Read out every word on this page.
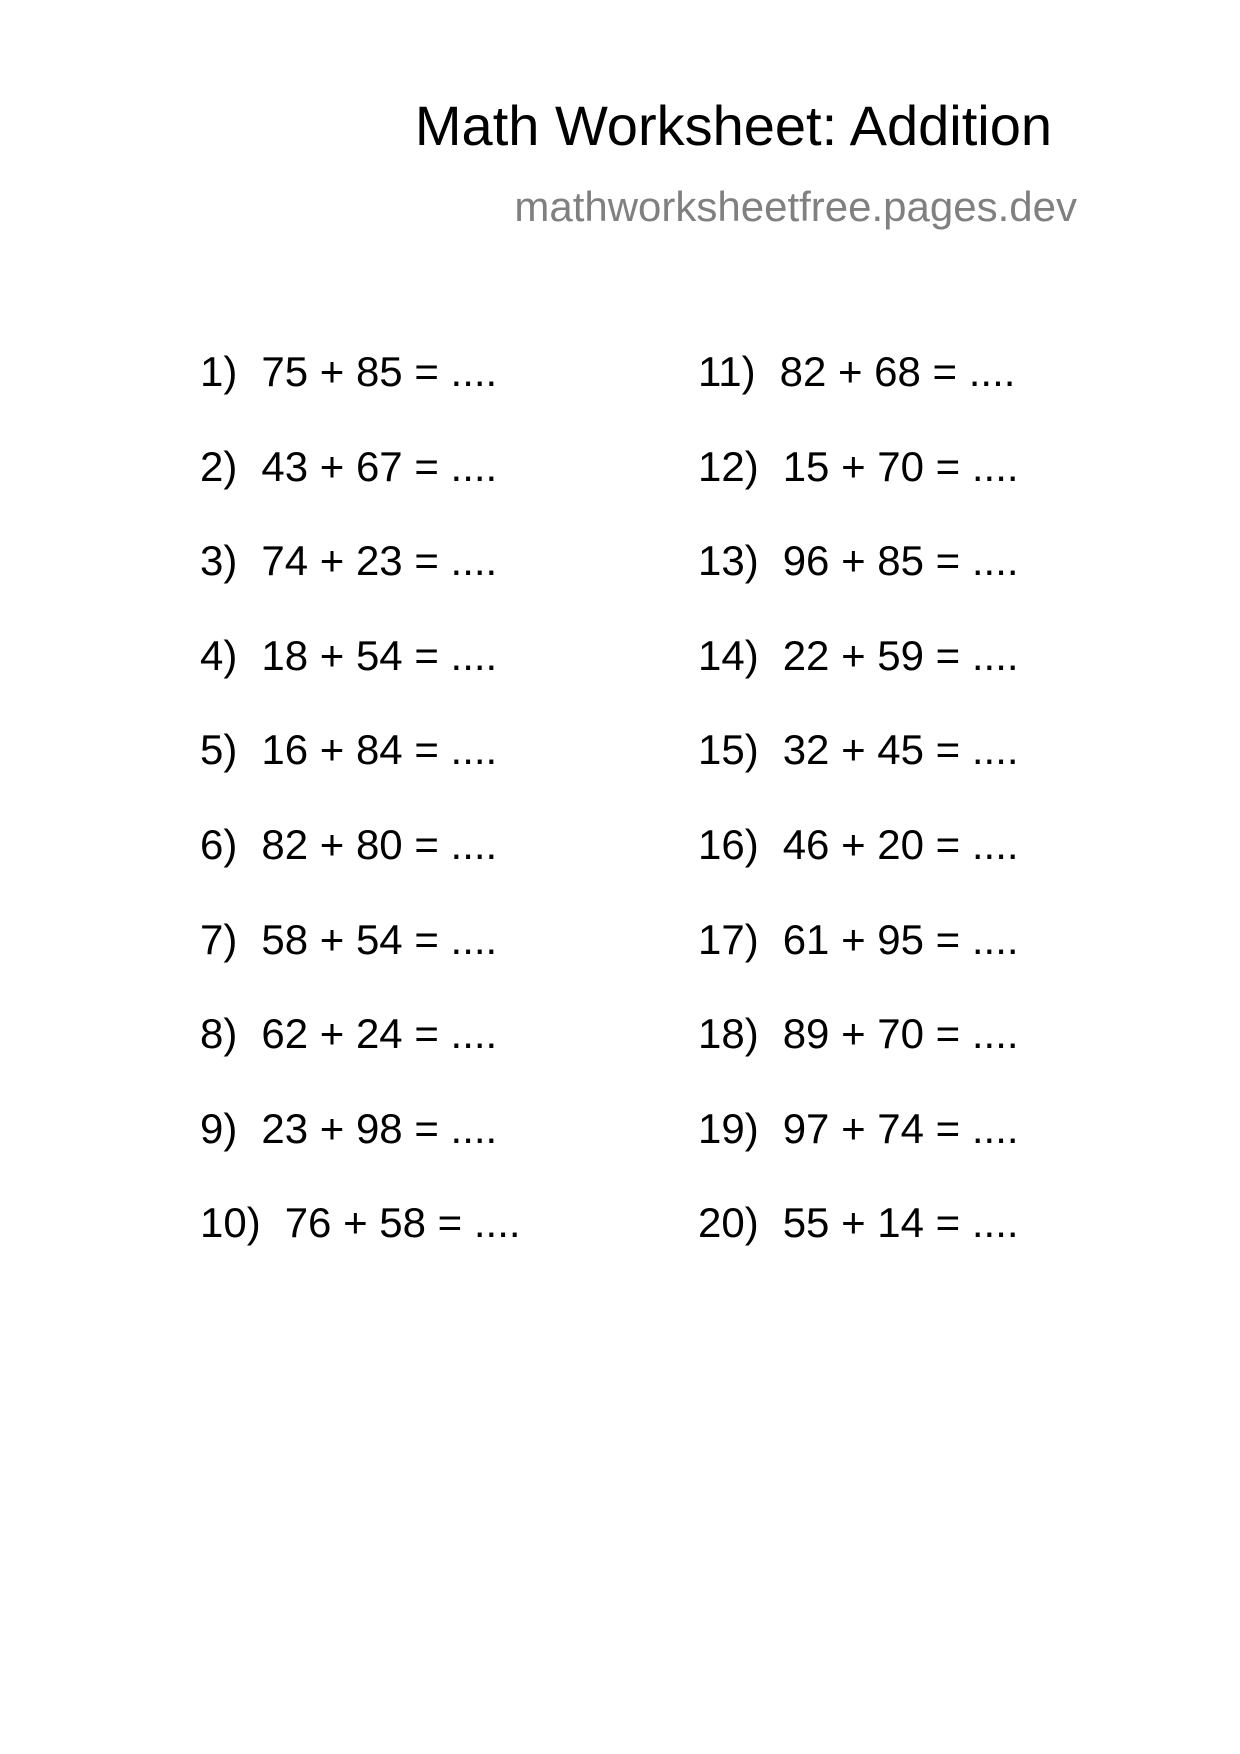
Math Worksheet: Addition
mathworksheetfree.pages.dev
1) 75 + 85 = ....
2) 43 + 67 = ....
3) 74 + 23 = ....
4) 18 + 54 = ....
5) 16 + 84 = ....
6) 82 + 80 = ....
7) 58 + 54 = ....
8) 62 + 24 = ....
9) 23 + 98 = ....
10) 76 + 58 = ....
11) 82 + 68 = ....
12) 15 + 70 = ....
13) 96 + 85 = ....
14) 22 + 59 = ....
15) 32 + 45 = ....
16) 46 + 20 = ....
17) 61 + 95 = ....
18) 89 + 70 = ....
19) 97 + 74 = ....
20) 55 + 14 = ....
